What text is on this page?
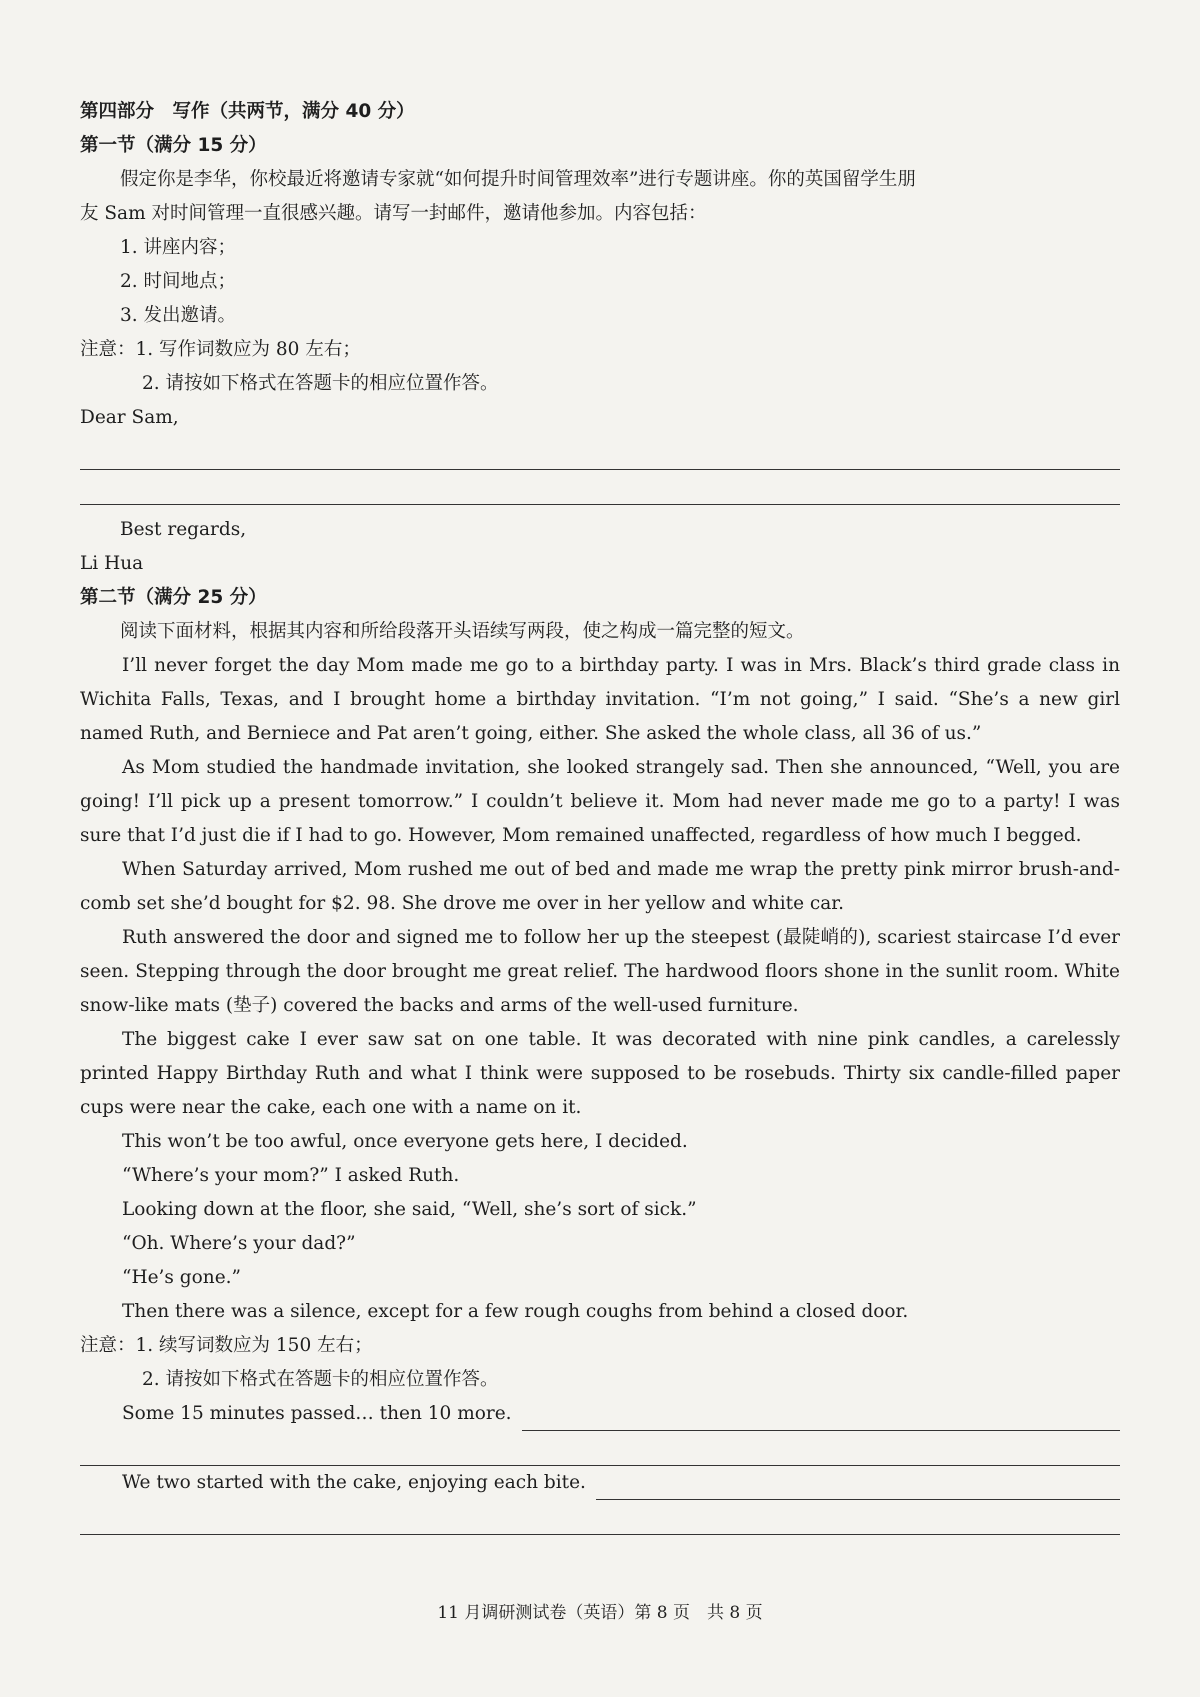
第四部分　写作（共两节，满分 40 分）
第一节（满分 15 分）
假定你是李华，你校最近将邀请专家就“如何提升时间管理效率”进行专题讲座。你的英国留学生朋
友 Sam 对时间管理一直很感兴趣。请写一封邮件，邀请他参加。内容包括：
1. 讲座内容；
2. 时间地点；
3. 发出邀请。
注意：1. 写作词数应为 80 左右；
2. 请按如下格式在答题卡的相应位置作答。
Dear Sam,
Best regards,
Li Hua
第二节（满分 25 分）
阅读下面材料，根据其内容和所给段落开头语续写两段，使之构成一篇完整的短文。
I’ll never forget the day Mom made me go to a birthday party. I was in Mrs. Black’s third grade class in Wichita Falls, Texas, and I brought home a birthday invitation. “I’m not going,” I said. “She’s a new girl named Ruth, and Berniece and Pat aren’t going, either. She asked the whole class, all 36 of us.”
As Mom studied the handmade invitation, she looked strangely sad. Then she announced, “Well, you are going! I’ll pick up a present tomorrow.” I couldn’t believe it. Mom had never made me go to a party! I was sure that I’d just die if I had to go. However, Mom remained unaffected, regardless of how much I begged.
When Saturday arrived, Mom rushed me out of bed and made me wrap the pretty pink mirror brush-and-comb set she’d bought for $2. 98. She drove me over in her yellow and white car.
Ruth answered the door and signed me to follow her up the steepest (最陡峭的), scariest staircase I’d ever seen. Stepping through the door brought me great relief. The hardwood floors shone in the sunlit room. White snow-like mats (垫子) covered the backs and arms of the well-used furniture.
The biggest cake I ever saw sat on one table. It was decorated with nine pink candles, a carelessly printed Happy Birthday Ruth and what I think were supposed to be rosebuds. Thirty six candle-filled paper cups were near the cake, each one with a name on it.
This won’t be too awful, once everyone gets here, I decided.
“Where’s your mom?” I asked Ruth.
Looking down at the floor, she said, “Well, she’s sort of sick.”
“Oh. Where’s your dad?”
“He’s gone.”
Then there was a silence, except for a few rough coughs from behind a closed door.
注意：1. 续写词数应为 150 左右；
2. 请按如下格式在答题卡的相应位置作答。
Some 15 minutes passed… then 10 more.
We two started with the cake, enjoying each bite.
11 月调研测试卷（英语）第 8 页　共 8 页
